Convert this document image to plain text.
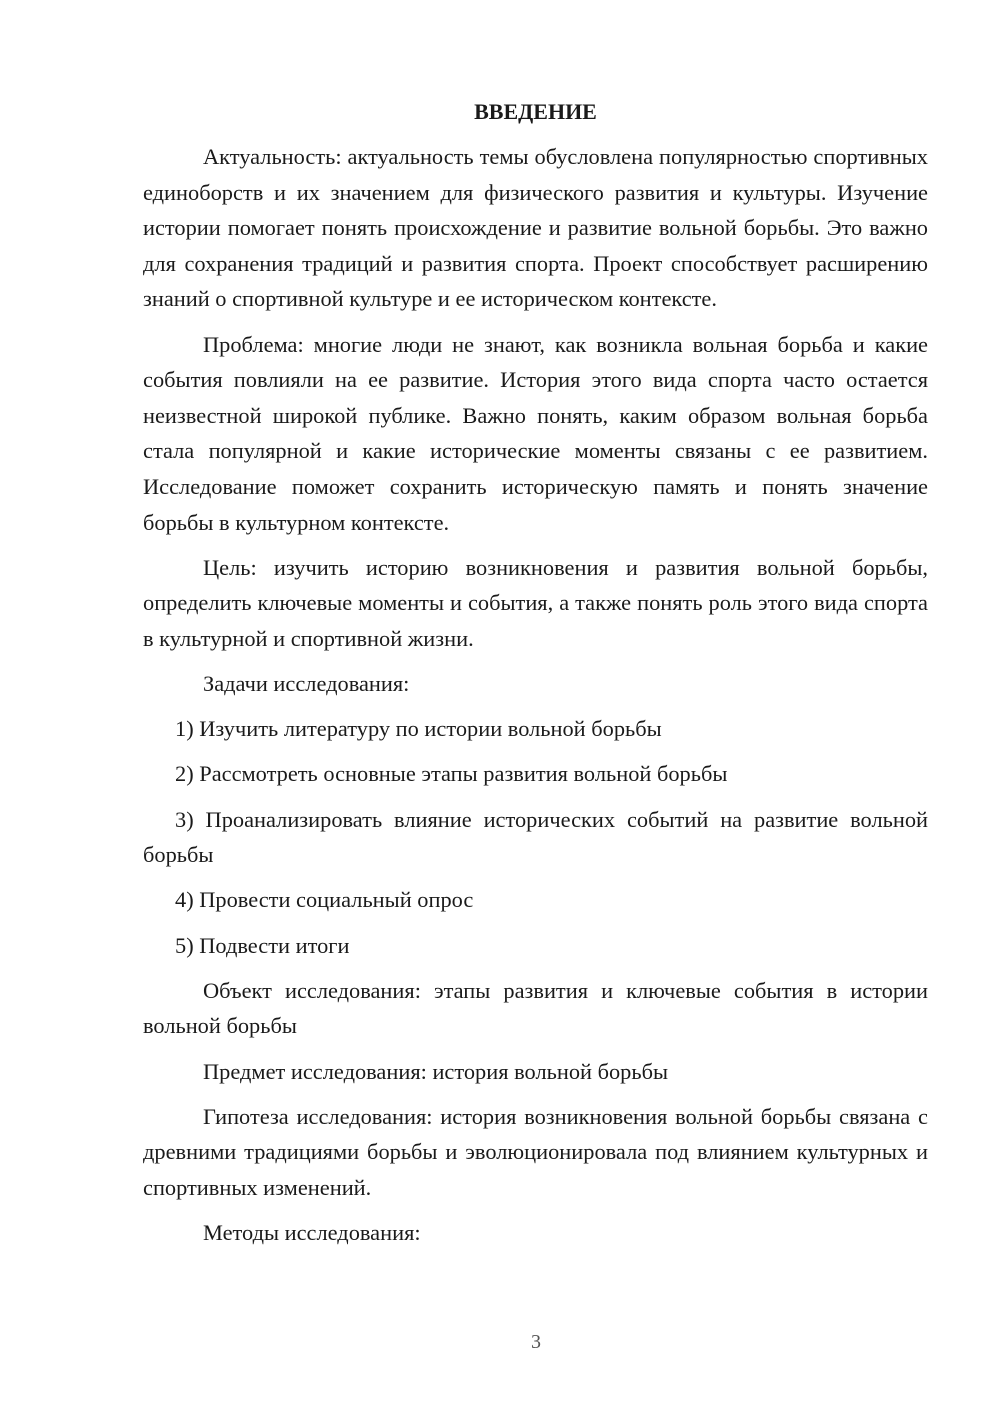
ВВЕДЕНИЕ

Актуальность: актуальность темы обусловлена популярностью спортивных единоборств и их значением для физического развития и культуры. Изучение истории помогает понять происхождение и развитие вольной борьбы. Это важно для сохранения традиций и развития спорта. Проект способствует расширению знаний о спортивной культуре и ее историческом контексте.

Проблема: многие люди не знают, как возникла вольная борьба и какие события повлияли на ее развитие. История этого вида спорта часто остается неизвестной широкой публике. Важно понять, каким образом вольная борьба стала популярной и какие исторические моменты связаны с ее развитием. Исследование поможет сохранить историческую память и понять значение борьбы в культурном контексте.

Цель: изучить историю возникновения и развития вольной борьбы, определить ключевые моменты и события, а также понять роль этого вида спорта в культурной и спортивной жизни.

Задачи исследования:

1) Изучить литературу по истории вольной борьбы

2) Рассмотреть основные этапы развития вольной борьбы

3) Проанализировать влияние исторических событий на развитие вольной борьбы

4) Провести социальный опрос

5) Подвести итоги

Объект исследования: этапы развития и ключевые события в истории вольной борьбы

Предмет исследования: история вольной борьбы

Гипотеза исследования: история возникновения вольной борьбы связана с древними традициями борьбы и эволюционировала под влиянием культурных и спортивных изменений.

Методы исследования:

3
